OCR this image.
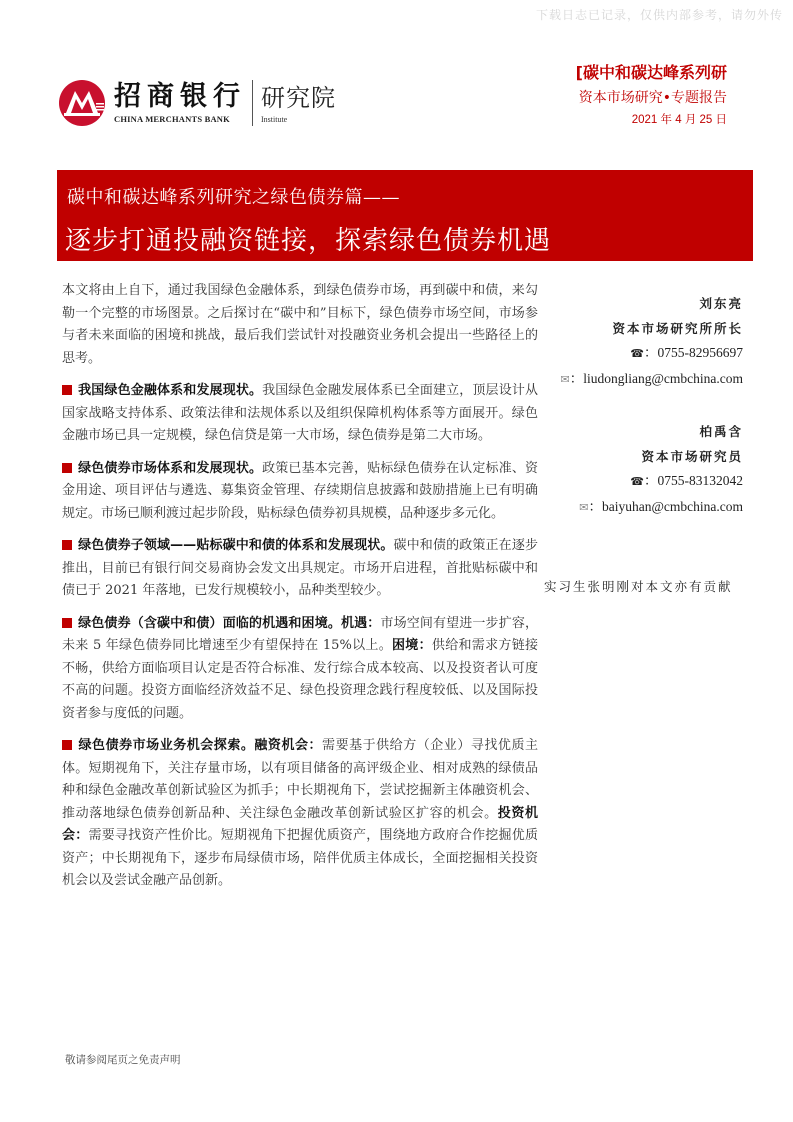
下载日志已记录，仅供内部参考，请勿外传
招商银行
CHINA MERCHANTS BANK
研究院
Institute
[碳中和碳达峰系列研
资本市场研究•专题报告
2021 年 4 月 25 日
碳中和碳达峰系列研究之绿色债券篇——
逐步打通投融资链接，探索绿色债券机遇

本文将由上自下，通过我国绿色金融体系，到绿色债券市场，再到碳中和债，来勾勒一个完整的市场图景。之后探讨在“碳中和”目标下，绿色债券市场空间，市场参与者未来面临的困境和挑战，最后我们尝试针对投融资业务机会提出一些路径上的思考。

我国绿色金融体系和发展现状。我国绿色金融发展体系已全面建立，顶层设计从国家战略支持体系、政策法律和法规体系以及组织保障机构体系等方面展开。绿色金融市场已具一定规模，绿色信贷是第一大市场，绿色债券是第二大市场。

绿色债券市场体系和发展现状。政策已基本完善，贴标绿色债券在认定标准、资金用途、项目评估与遴选、募集资金管理、存续期信息披露和鼓励措施上已有明确规定。市场已顺利渡过起步阶段，贴标绿色债券初具规模，品种逐步多元化。

绿色债券子领域——贴标碳中和债的体系和发展现状。碳中和债的政策正在逐步推出，目前已有银行间交易商协会发文出具规定。市场开启进程，首批贴标碳中和债已于 2021 年落地，已发行规模较小，品种类型较少。

绿色债券（含碳中和债）面临的机遇和困境。机遇：市场空间有望进一步扩容，未来 5 年绿色债券同比增速至少有望保持在 15%以上。困境：供给和需求方链接不畅，供给方面临项目认定是否符合标准、发行综合成本较高、以及投资者认可度不高的问题。投资方面临经济效益不足、绿色投资理念践行程度较低、以及国际投资者参与度低的问题。

绿色债券市场业务机会探索。融资机会：需要基于供给方（企业）寻找优质主体。短期视角下，关注存量市场，以有项目储备的高评级企业、相对成熟的绿债品种和绿色金融改革创新试验区为抓手；中长期视角下，尝试挖掘新主体融资机会、推动落地绿色债券创新品种、关注绿色金融改革创新试验区扩容的机会。投资机会：需要寻找资产性价比。短期视角下把握优质资产，围绕地方政府合作挖掘优质资产；中长期视角下，逐步布局绿债市场，陪伴优质主体成长，全面挖掘相关投资机会以及尝试金融产品创新。

刘东亮
资本市场研究所所长
☎：0755-82956697
✉：liudongliang@cmbchina.com
柏禹含
资本市场研究员
☎：0755-83132042
✉：baiyuhan@cmbchina.com
实习生张明刚对本文亦有贡献
敬请参阅尾页之免责声明
